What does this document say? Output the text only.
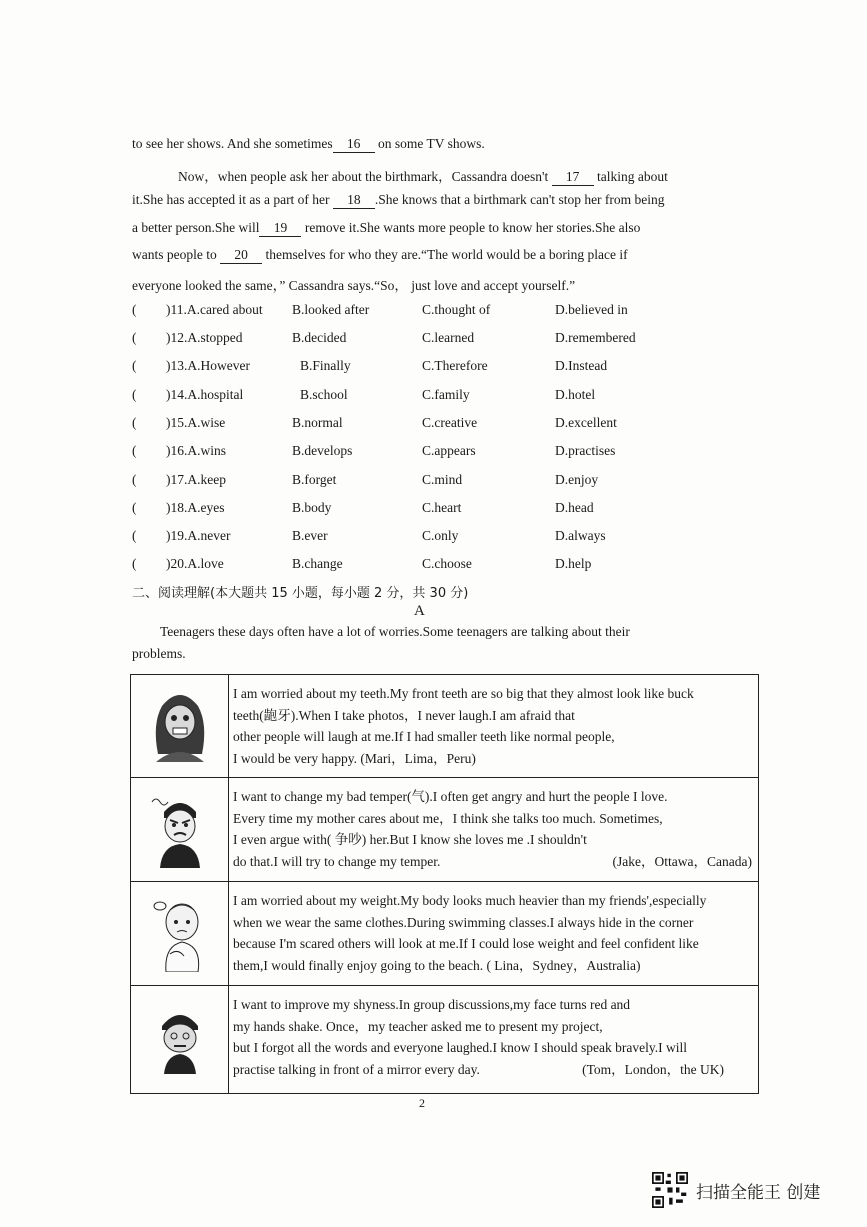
to see her shows. And she sometimes 16 on some TV shows.
Now，when people ask her about the birthmark，Cassandra doesn't 17 talking about
it.She has accepted it as a part of her 18 .She knows that a birthmark can't stop her from being
a better person.She will 19 remove it.She wants more people to know her stories.She also
wants people to 20 themselves for who they are.“The world would be a boring place if
everyone looked the same，” Cassandra says.“So， just love and accept yourself.”
( )11.A.cared about B.looked after	C.thought of	D.believed in
( )12.A.stopped	B.decided	C.learned	D.remembered
( )13.A.However	B.Finally	C.Therefore	D.Instead
( )14.A.hospital	B.school	C.family	D.hotel
( )15.A.wise	B.normal	C.creative	D.excellent
( )16.A.wins	B.develops	C.appears	D.practises
( )17.A.keep	B.forget	C.mind	D.enjoy
( )18.A.eyes	B.body	C.heart	D.head
( )19.A.never	B.ever	C.only	D.always
( )20.A.love	B.change	C.choose	D.help
二、阅读理解(本大题共 15 小题，每小题 2 分，共 30 分)
A
Teenagers these days often have a lot of worries.Some teenagers are talking about their
problems.

I am worried about my teeth.My front teeth are so big that they almost look like buck
teeth(龅牙).When I take photos，I never laugh.I am afraid that
other people will laugh at me.If I had smaller teeth like normal people,
I would be very happy. (Mari，Lima，Peru)

I want to change my bad temper(气).I often get angry and hurt the people I love.
Every time my mother cares about me，I think she talks too much. Sometimes,
I even argue with( 争吵) her.But I know she loves me .I shouldn't
do that.I will try to change my temper. (Jake，Ottawa，Canada)

I am worried about my weight.My body looks much heavier than my friends',especially
when we wear the same clothes.During swimming classes.I always hide in the corner
because I'm scared others will look at me.If I could lose weight and feel confident like
them,I would finally enjoy going to the beach. ( Lina，Sydney，Australia)

I want to improve my shyness.In group discussions,my face turns red and
my hands shake. Once，my teacher asked me to present my project,
but I forgot all the words and everyone laughed.I know I should speak bravely.I will
practise talking in front of a mirror every day. (Tom，London，the UK)
2
扫描全能王 创建
